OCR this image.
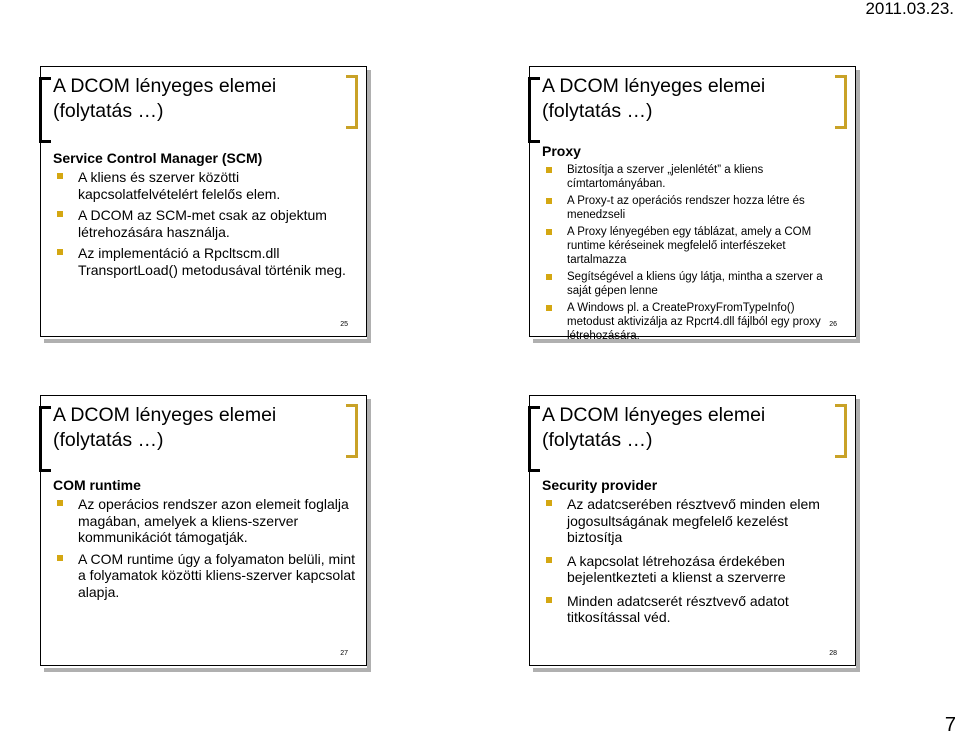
2011.03.23.
A DCOM lényeges elemei
(folytatás …)
Service Control Manager (SCM)
A kliens és szerver közötti kapcsolatfelvételért felelős elem.
A DCOM az SCM-met csak az objektum létrehozására használja.
Az implementáció a Rpcltscm.dll TransportLoad() metodusával történik meg.
25
A DCOM lényeges elemei
(folytatás …)
Proxy
Biztosítja a szerver „jelenlétét” a kliens címtartományában.
A Proxy-t az operációs rendszer hozza létre és menedzseli
A Proxy lényegében egy táblázat, amely a COM runtime kéréseinek megfelelő interfészeket tartalmazza
Segítségével a kliens úgy látja, mintha a szerver a saját gépen lenne
A Windows pl. a CreateProxyFromTypeInfo() metodust aktivizálja az Rpcrt4.dll fájlból egy proxy létrehozására.
26
A DCOM lényeges elemei
(folytatás …)
COM runtime
Az operácios rendszer azon elemeit foglalja magában, amelyek a kliens-szerver kommunikációt támogatják.
A COM runtime úgy a folyamaton belüli, mint a folyamatok közötti kliens-szerver kapcsolat alapja.
27
A DCOM lényeges elemei
(folytatás …)
Security provider
Az adatcserében résztvevő minden elem jogosultságának megfelelő kezelést biztosítja
A kapcsolat létrehozása érdekében bejelentkezteti a klienst a szerverre
Minden adatcserét résztvevő adatot titkosítással véd.
28
7
